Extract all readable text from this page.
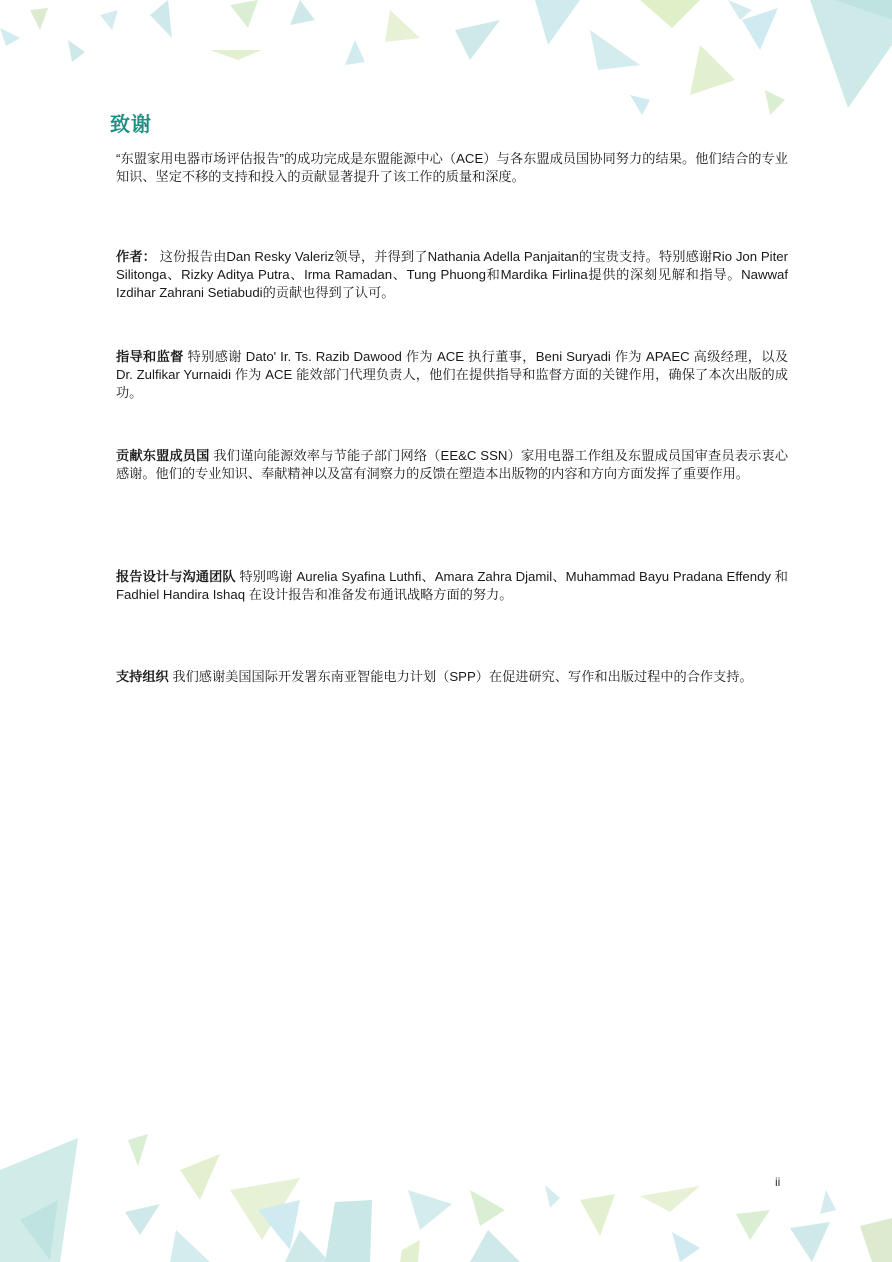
致谢

“东盟家用电器市场评估报告”的成功完成是东盟能源中心（ACE）与各东盟成员国协同努力的结果。他们结合的专业知识、坚定不移的支持和投入的贡献显著提升了该工作的质量和深度。

作者： 这份报告由Dan Resky Valeriz领导，并得到了Nathania Adella Panjaitan的宝贵支持。特别感谢Rio Jon Piter Silitonga、Rizky Aditya Putra、Irma Ramadan、Tung Phuong和Mardika Firlina提供的深刻见解和指导。Nawwaf Izdihar Zahrani Setiabudi的贡献也得到了认可。

指导和监督 特别感谢 Dato' Ir. Ts. Razib Dawood 作为 ACE 执行董事，Beni Suryadi 作为 APAEC 高级经理，以及 Dr. Zulfikar Yurnaidi 作为 ACE 能效部门代理负责人，他们在提供指导和监督方面的关键作用，确保了本次出版的成功。

贡献东盟成员国 我们谨向能源效率与节能子部门网络（EE&C SSN）家用电器工作组及东盟成员国审查员表示衷心感谢。他们的专业知识、奉献精神以及富有洞察力的反馈在塑造本出版物的内容和方向方面发挥了重要作用。

报告设计与沟通团队 特别鸣谢 Aurelia Syafina Luthfi、Amara Zahra Djamil、Muhammad Bayu Pradana Effendy 和 Fadhiel Handira Ishaq 在设计报告和准备发布通讯战略方面的努力。

支持组织 我们感谢美国国际开发署东南亚智能电力计划（SPP）在促进研究、写作和出版过程中的合作支持。

ii
